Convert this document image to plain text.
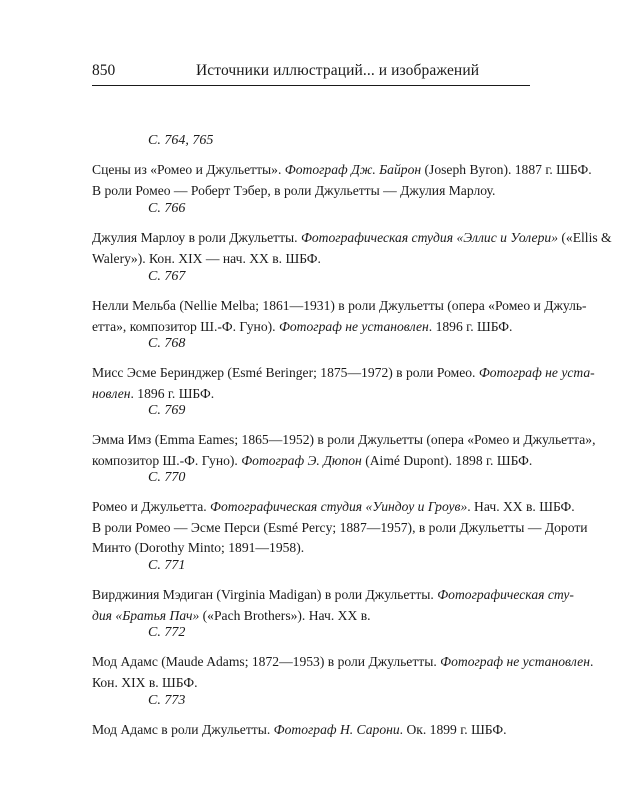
850	Источники иллюстраций... и изображений
С. 764, 765
Сцены из «Ромео и Джульетты». Фотограф Дж. Байрон (Joseph Byron). 1887 г. ШБФ.
В роли Ромео — Роберт Тэбер, в роли Джульетты — Джулия Марлоу.
С. 766
Джулия Марлоу в роли Джульетты. Фотографическая студия «Эллис и Уолери» («Ellis &
Walery»). Кон. XIX — нач. XX в. ШБФ.
С. 767
Нелли Мельба (Nellie Melba; 1861—1931) в роли Джульетты (опера «Ромео и Джуль-
етта», композитор Ш.-Ф. Гуно). Фотограф не установлен. 1896 г. ШБФ.
С. 768
Мисс Эсме Беринджер (Esmé Beringer; 1875—1972) в роли Ромео. Фотограф не уста-
новлен. 1896 г. ШБФ.
С. 769
Эмма Имз (Emma Eames; 1865—1952) в роли Джульетты (опера «Ромео и Джульетта»,
композитор Ш.-Ф. Гуно). Фотограф Э. Дюпон (Aimé Dupont). 1898 г. ШБФ.
С. 770
Ромео и Джульетта. Фотографическая студия «Уиндоу и Гроув». Нач. XX в. ШБФ.
В роли Ромео — Эсме Перси (Esmé Percy; 1887—1957), в роли Джульетты — Дороти
Минто (Dorothy Minto; 1891—1958).
С. 771
Вирджиния Мэдиган (Virginia Madigan) в роли Джульетты. Фотографическая сту-
дия «Братья Пач» («Pach Brothers»). Нач. XX в.
С. 772
Мод Адамс (Maude Adams; 1872—1953) в роли Джульетты. Фотограф не установлен.
Кон. XIX в. ШБФ.
С. 773
Мод Адамс в роли Джульетты. Фотограф Н. Сарони. Ок. 1899 г. ШБФ.
